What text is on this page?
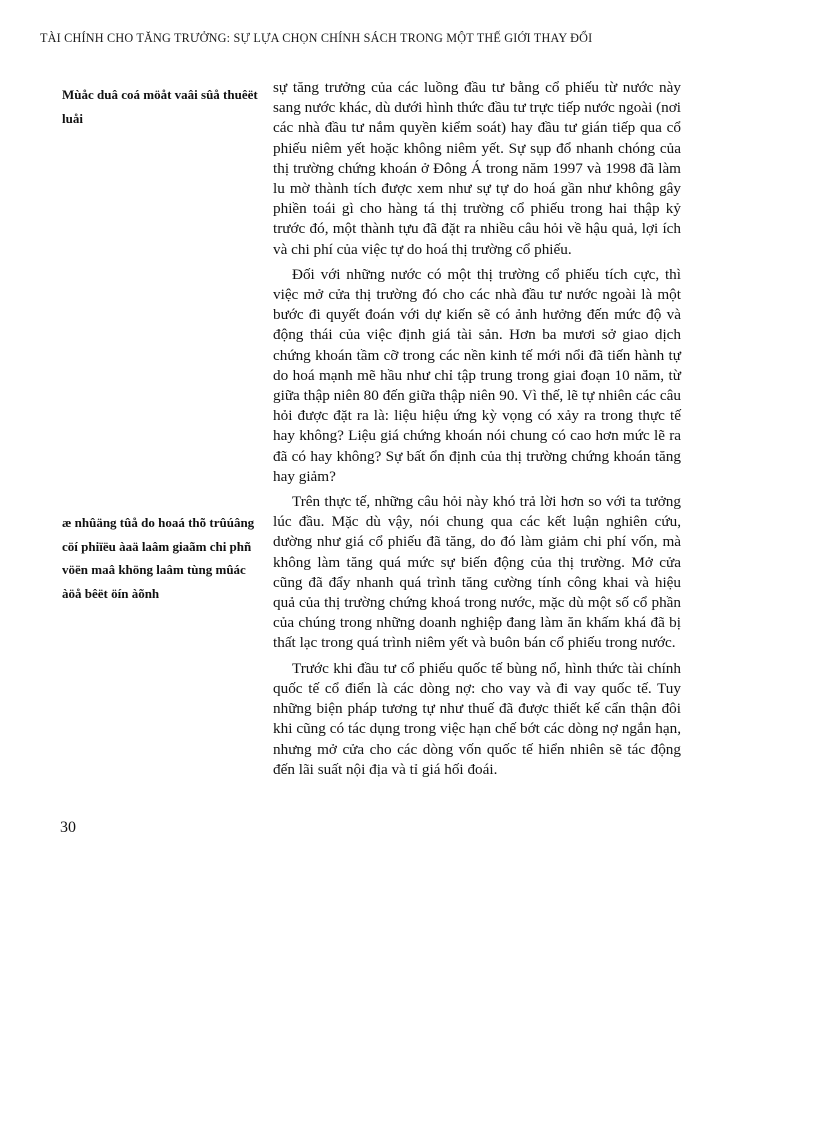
TÀI CHÍNH CHO TĂNG TRƯỞNG: SỰ LỰA CHỌN CHÍNH SÁCH TRONG MỘT THẾ GIỚI THAY ĐỔI
Mùåc duâ coá möåt vaâi sûå thuêët luåi
æ nhûäng tûå do hoaá thõ trûúâng cöí phiïëu àaä laâm giaãm chi phñ vöën maâ khöng laâm tùng mûác àöå bêët öín àõnh

sự tăng trưởng của các luồng đầu tư bằng cổ phiếu từ nước này sang nước khác, dù dưới hình thức đầu tư trực tiếp nước ngoài (nơi các nhà đầu tư nắm quyền kiểm soát) hay đầu tư gián tiếp qua cổ phiếu niêm yết hoặc không niêm yết. Sự sụp đổ nhanh chóng của thị trường chứng khoán ở Đông Á trong năm 1997 và 1998 đã làm lu mờ thành tích được xem như sự tự do hoá gần như không gây phiền toái gì cho hàng tá thị trường cổ phiếu trong hai thập kỷ trước đó, một thành tựu đã đặt ra nhiều câu hỏi về hậu quả, lợi ích và chi phí của việc tự do hoá thị trường cổ phiếu.

Đối với những nước có một thị trường cổ phiếu tích cực, thì việc mở cửa thị trường đó cho các nhà đầu tư nước ngoài là một bước đi quyết đoán với dự kiến sẽ có ảnh hưởng đến mức độ và động thái của việc định giá tài sản. Hơn ba mươi sở giao dịch chứng khoán tầm cỡ trong các nền kinh tế mới nổi đã tiến hành tự do hoá mạnh mẽ hầu như chỉ tập trung trong giai đoạn 10 năm, từ giữa thập niên 80 đến giữa thập niên 90. Vì thế, lẽ tự nhiên các câu hỏi được đặt ra là: liệu hiệu ứng kỳ vọng có xảy ra trong thực tế hay không? Liệu giá chứng khoán nói chung có cao hơn mức lẽ ra đã có hay không? Sự bất ổn định của thị trường chứng khoán tăng hay giảm?

Trên thực tế, những câu hỏi này khó trả lời hơn so với ta tưởng lúc đầu. Mặc dù vậy, nói chung qua các kết luận nghiên cứu, dường như giá cổ phiếu đã tăng, do đó làm giảm chi phí vốn, mà không làm tăng quá mức sự biến động của thị trường. Mở cửa cũng đã đẩy nhanh quá trình tăng cường tính công khai và hiệu quả của thị trường chứng khoá trong nước, mặc dù một số cổ phần của chúng trong những doanh nghiệp đang làm ăn khấm khá đã bị thất lạc trong quá trình niêm yết và buôn bán cổ phiếu trong nước.

Trước khi đầu tư cổ phiếu quốc tế bùng nổ, hình thức tài chính quốc tế cổ điển là các dòng nợ: cho vay và đi vay quốc tế. Tuy những biện pháp tương tự như thuế đã được thiết kế cẩn thận đôi khi cũng có tác dụng trong việc hạn chế bớt các dòng nợ ngắn hạn, nhưng mở cửa cho các dòng vốn quốc tế hiển nhiên sẽ tác động đến lãi suất nội địa và tỉ giá hối đoái.

30
